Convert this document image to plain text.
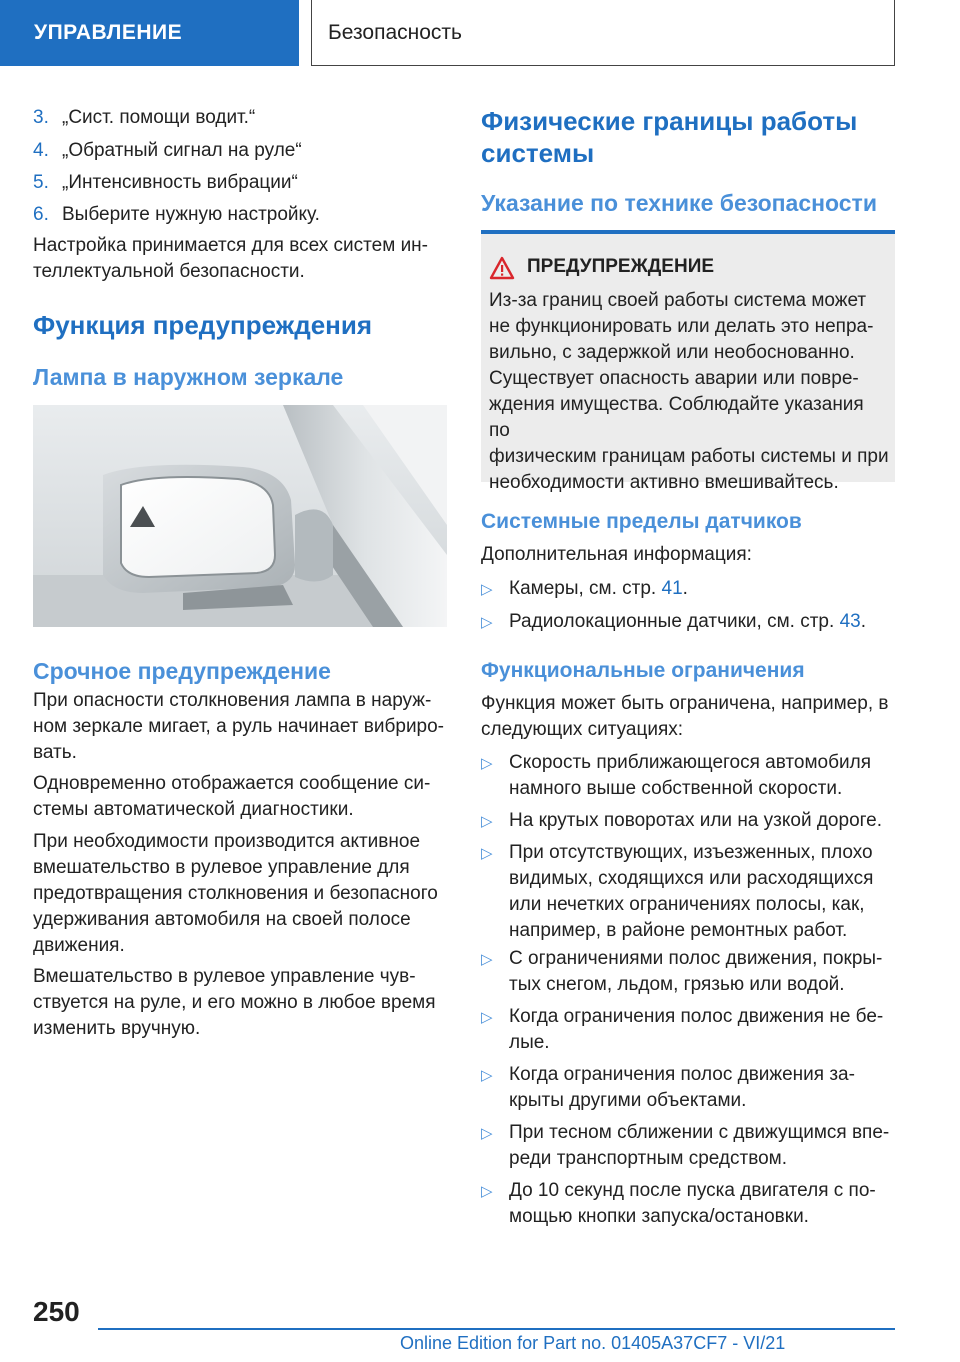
УПРАВЛЕНИЕ	Безопасность
3. „Сист. помощи водит.“
4. „Обратный сигнал на руле“
5. „Интенсивность вибрации“
6. Выберите нужную настройку.
Настройка принимается для всех систем ин-
теллектуальной безопасности.
Функция предупреждения
Лампа в наружном зеркале
Срочное предупреждение
При опасности столкновения лампа в наруж-
ном зеркале мигает, а руль начинает вибриро-
вать.
Одновременно отображается сообщение си-
стемы автоматической диагностики.
При необходимости производится активное
вмешательство в рулевое управление для
предотвращения столкновения и безопасного
удерживания автомобиля на своей полосе
движения.
Вмешательство в рулевое управление чув-
ствуется на руле, и его можно в любое время
изменить вручную.
Физические границы работы
системы
Указание по технике безопасности
ПРЕДУПРЕЖДЕНИЕ
Из-за границ своей работы система может
не функционировать или делать это непра-
вильно, с задержкой или необоснованно.
Существует опасность аварии или повре-
ждения имущества. Соблюдайте указания по
физическим границам работы системы и при
необходимости активно вмешивайтесь.
Системные пределы датчиков
Дополнительная информация:
▷ Камеры, см. стр. 41.
▷ Радиолокационные датчики, см. стр. 43.
Функциональные ограничения
Функция может быть ограничена, например, в
следующих ситуациях:
▷ Скорость приближающегося автомобиля
намного выше собственной скорости.
▷ На крутых поворотах или на узкой дороге.
▷ При отсутствующих, изъезженных, плохо
видимых, сходящихся или расходящихся
или нечетких ограничениях полосы, как,
например, в районе ремонтных работ.
▷ С ограничениями полос движения, покры-
тых снегом, льдом, грязью или водой.
▷ Когда ограничения полос движения не бе-
лые.
▷ Когда ограничения полос движения за-
крыты другими объектами.
▷ При тесном сближении с движущимся впе-
реди транспортным средством.
▷ До 10 секунд после пуска двигателя с по-
мощью кнопки запуска/остановки.
250
Online Edition for Part no. 01405A37CF7 - VI/21
